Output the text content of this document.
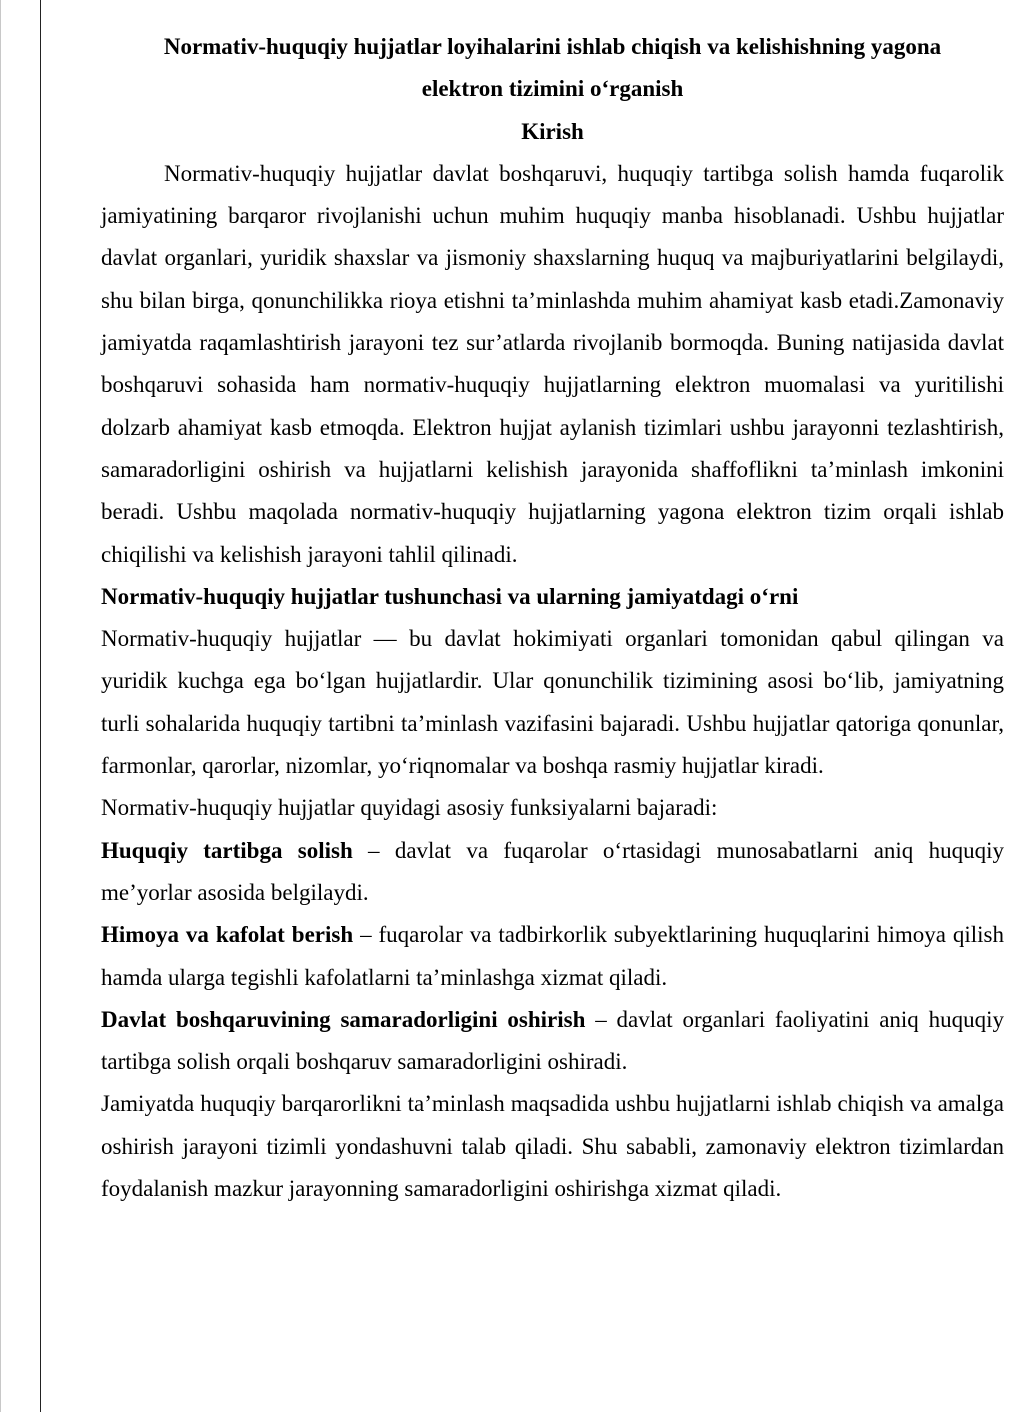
Normativ-huquqiy hujjatlar loyihalarini ishlab chiqish va kelishishning yagona elektron tizimini o‘rganish
Kirish

Normativ-huquqiy hujjatlar davlat boshqaruvi, huquqiy tartibga solish hamda fuqarolik jamiyatining barqaror rivojlanishi uchun muhim huquqiy manba hisoblanadi. Ushbu hujjatlar davlat organlari, yuridik shaxslar va jismoniy shaxslarning huquq va majburiyatlarini belgilaydi, shu bilan birga, qonunchilikka rioya etishni ta’minlashda muhim ahamiyat kasb etadi.Zamonaviy jamiyatda raqamlashtirish jarayoni tez sur’atlarda rivojlanib bormoqda. Buning natijasida davlat boshqaruvi sohasida ham normativ-huquqiy hujjatlarning elektron muomalasi va yuritilishi dolzarb ahamiyat kasb etmoqda. Elektron hujjat aylanish tizimlari ushbu jarayonni tezlashtirish, samaradorligini oshirish va hujjatlarni kelishish jarayonida shaffoflikni ta’minlash imkonini beradi. Ushbu maqolada normativ-huquqiy hujjatlarning yagona elektron tizim orqali ishlab chiqilishi va kelishish jarayoni tahlil qilinadi.

Normativ-huquqiy hujjatlar tushunchasi va ularning jamiyatdagi o‘rni

Normativ-huquqiy hujjatlar — bu davlat hokimiyati organlari tomonidan qabul qilingan va yuridik kuchga ega bo‘lgan hujjatlardir. Ular qonunchilik tizimining asosi bo‘lib, jamiyatning turli sohalarida huquqiy tartibni ta’minlash vazifasini bajaradi. Ushbu hujjatlar qatoriga qonunlar, farmonlar, qarorlar, nizomlar, yo‘riqnomalar va boshqa rasmiy hujjatlar kiradi.

Normativ-huquqiy hujjatlar quyidagi asosiy funksiyalarni bajaradi:

Huquqiy tartibga solish – davlat va fuqarolar o‘rtasidagi munosabatlarni aniq huquqiy me’yorlar asosida belgilaydi.

Himoya va kafolat berish – fuqarolar va tadbirkorlik subyektlarining huquqlarini himoya qilish hamda ularga tegishli kafolatlarni ta’minlashga xizmat qiladi.

Davlat boshqaruvining samaradorligini oshirish – davlat organlari faoliyatini aniq huquqiy tartibga solish orqali boshqaruv samaradorligini oshiradi.

Jamiyatda huquqiy barqarorlikni ta’minlash maqsadida ushbu hujjatlarni ishlab chiqish va amalga oshirish jarayoni tizimli yondashuvni talab qiladi. Shu sababli, zamonaviy elektron tizimlardan foydalanish mazkur jarayonning samaradorligini oshirishga xizmat qiladi.
